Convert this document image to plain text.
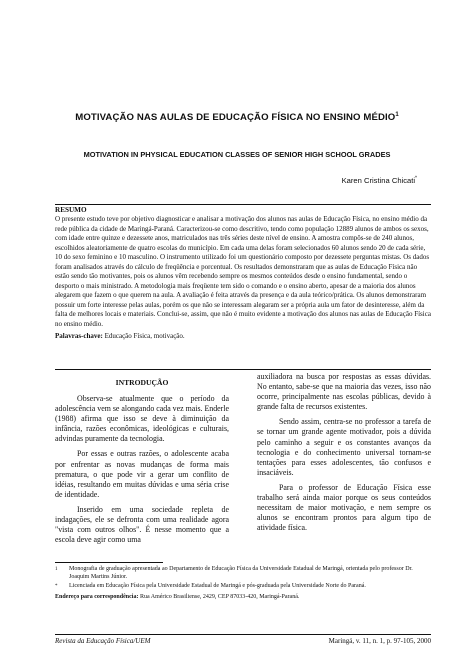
MOTIVAÇÃO NAS AULAS DE EDUCAÇÃO FÍSICA NO ENSINO MÉDIO$^1$
MOTIVATION IN PHYSICAL EDUCATION CLASSES OF SENIOR HIGH SCHOOL GRADES
Karen Cristina Chicati*
RESUMO

O presente estudo teve por objetivo diagnosticar e analisar a motivação dos alunos nas aulas de Educação Física, no ensino médio da rede pública da cidade de Maringá-Paraná. Caracterizou-se como descritivo, tendo como população 12889 alunos de ambos os sexos, com idade entre quinze e dezessete anos, matriculados nas três séries deste nível de ensino. A amostra compôs-se de 240 alunos, escolhidos aleatoriamente de quatro escolas do município. Em cada uma delas foram selecionados 60 alunos sendo 20 de cada série, 10 do sexo feminino e 10 masculino. O instrumento utilizado foi um questionário composto por dezessete perguntas mistas. Os dados foram analisados através do cálculo de freqüência e porcentual. Os resultados demonstraram que as aulas de Educação Física não estão sendo tão motivantes, pois os alunos vêm recebendo sempre os mesmos conteúdos desde o ensino fundamental, sendo o desporto o mais ministrado. A metodologia mais freqüente tem sido o comando e o ensino aberto, apesar de a maioria dos alunos alegarem que fazem o que querem na aula. A avaliação é feita através da presença e da aula teórico/prática. Os alunos demonstraram possuir um forte interesse pelas aulas, porém os que não se interessam alegaram ser a própria aula um fator de desinteresse, além da falta de melhores locais e materiais. Conclui-se, assim, que não é muito evidente a motivação dos alunos nas aulas de Educação Física no ensino médio.

Palavras-chave: Educação Física, motivação.
INTRODUÇÃO

Observa-se atualmente que o período da adolescência vem se alongando cada vez mais. Enderle (1988) afirma que isso se deve à diminuição da infância, razões econômicas, ideológicas e culturais, advindas puramente da tecnologia.

Por essas e outras razões, o adolescente acaba por enfrentar as novas mudanças de forma mais prematura, o que pode vir a gerar um conflito de idéias, resultando em muitas dúvidas e uma séria crise de identidade.

Inserido em uma sociedade repleta de indagações, ele se defronta com uma realidade agora "vista com outros olhos". É nesse momento que a escola deve agir como uma

auxiliadora na busca por respostas as essas dúvidas. No entanto, sabe-se que na maioria das vezes, isso não ocorre, principalmente nas escolas públicas, devido à grande falta de recursos existentes.

Sendo assim, centra-se no professor a tarefa de se tornar um grande agente motivador, pois a dúvida pelo caminho a seguir e os constantes avanços da tecnologia e do conhecimento universal tornam-se tentações para esses adolescentes, tão confusos e insaciáveis.

Para o professor de Educação Física esse trabalho será ainda maior porque os seus conteúdos necessitam de maior motivação, e nem sempre os alunos se encontram prontos para algum tipo de atividade física.

1	Monografia de graduação apresentada ao Departamento de Educação Física da Universidade Estadual de Maringá, orientada pelo professor Dr. Joaquim Martins Júnior.
*	Licenciada em Educação Física pela Universidade Estadual de Maringá e pós-graduada pela Universidade Norte do Paraná.
Endereço para correspondência: Rua Américo Brasiliense, 2429, CEP 87033-420, Maringá-Paraná.
Revista da Educação Física/UEM	Maringá, v. 11, n. 1, p. 97-105, 2000
